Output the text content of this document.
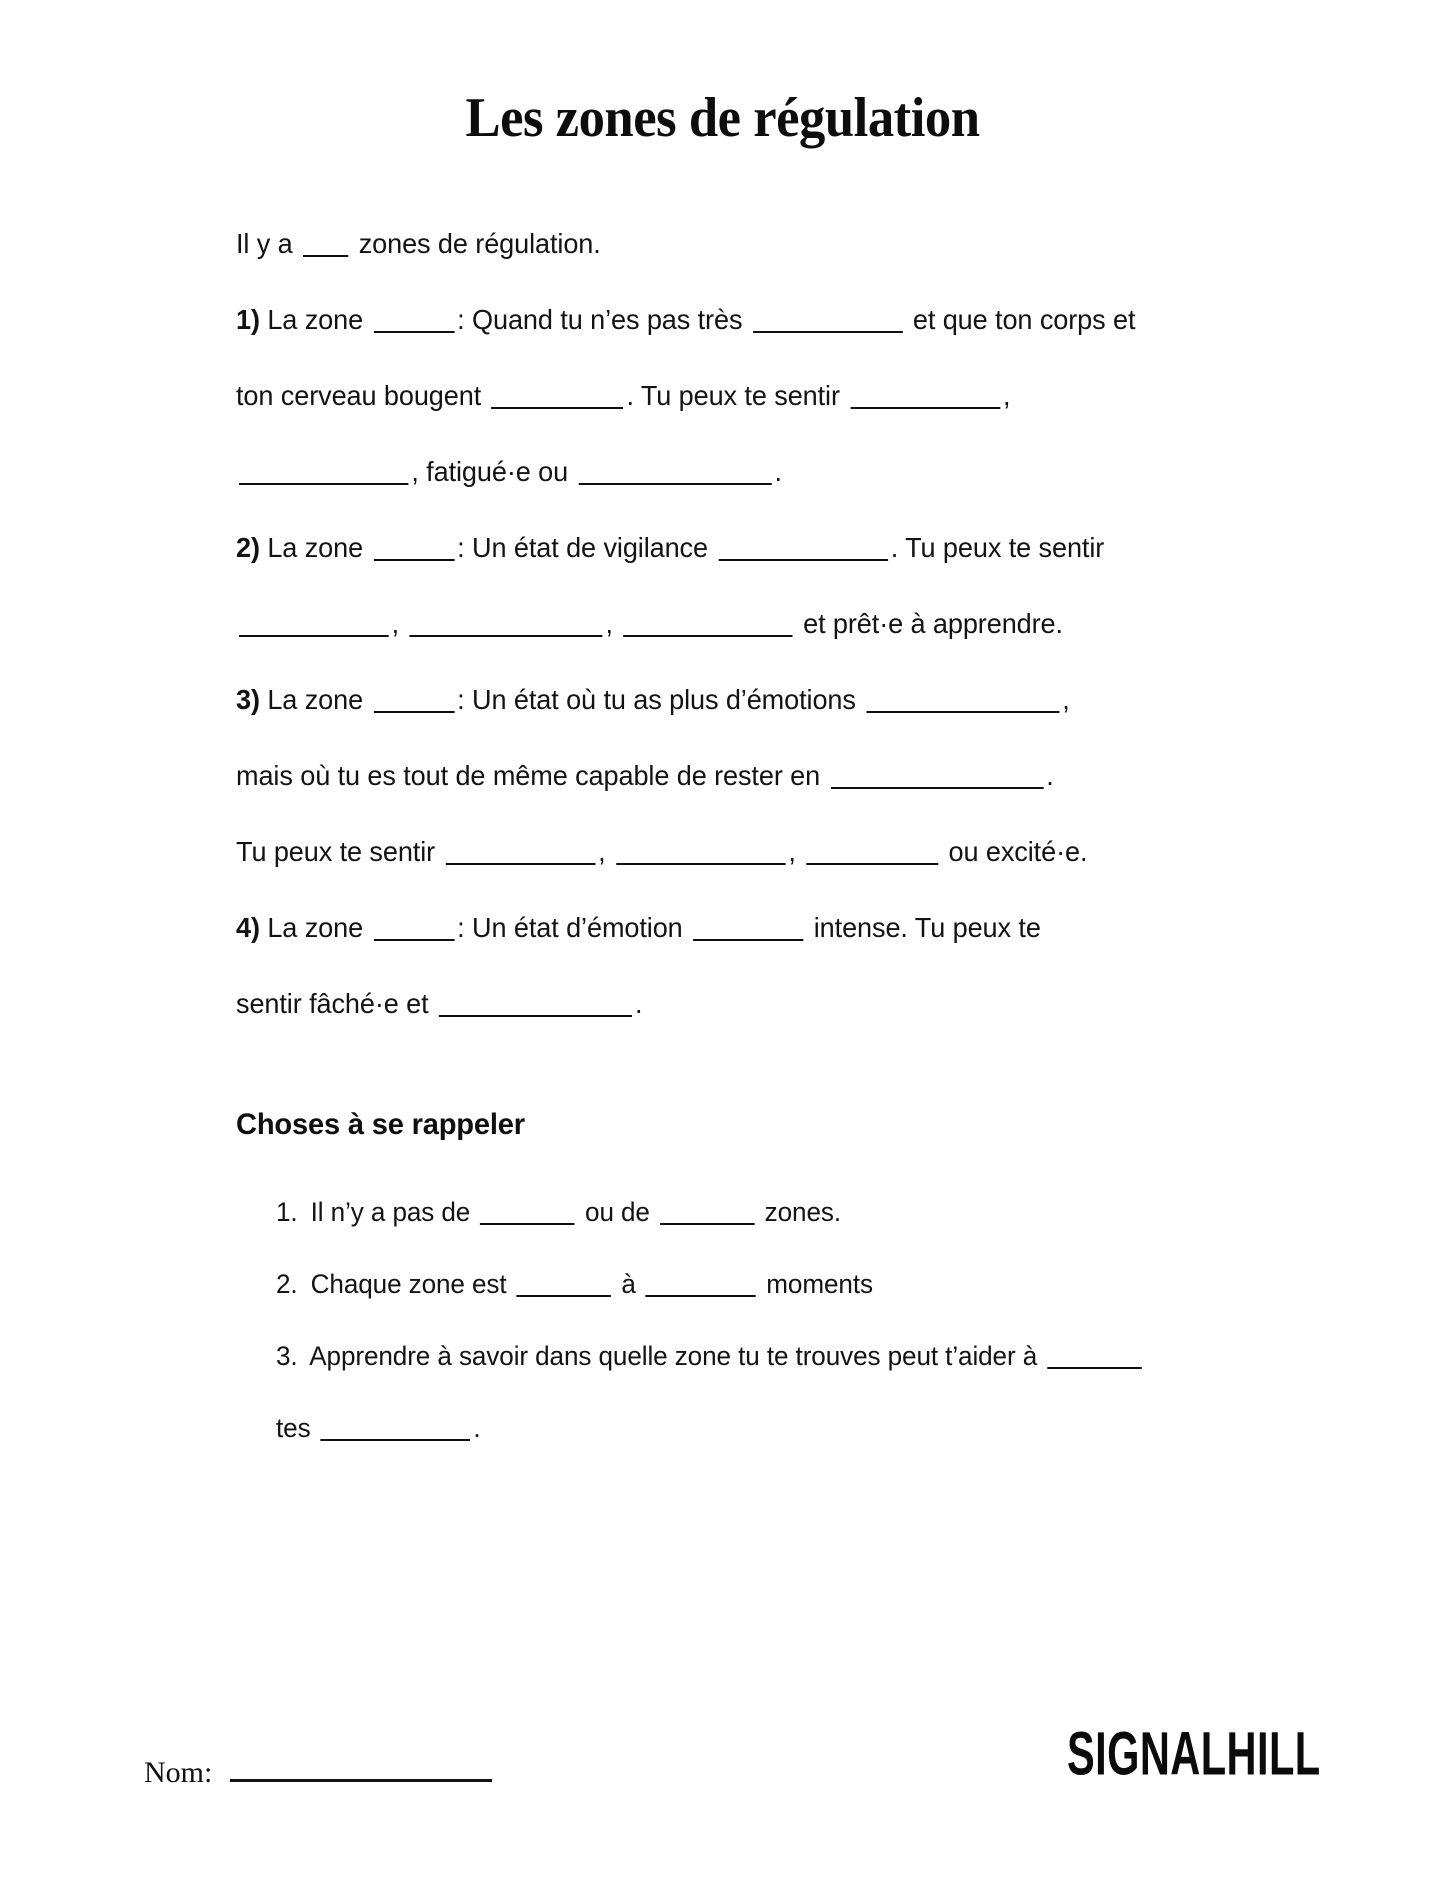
Les zones de régulation
Il y a zones de régulation.
1) La zone	: Quand tu n’es pas très	et que ton corps et
ton cerveau bougent	. Tu peux te sentir	,
, fatigué·e ou	.
2) La zone	: Un état de vigilance	. Tu peux te sentir
,	,	et prêt·e à apprendre.
3) La zone	: Un état où tu as plus d’émotions	,
mais où tu es tout de même capable de rester en	.
Tu peux te sentir	,	,	ou excité·e.
4) La zone	: Un état d’émotion	intense. Tu peux te
sentir fâché·e et	.
Choses à se rappeler
1. Il n’y a pas de	ou de	zones.
2. Chaque zone est	à	moments
3. Apprendre à savoir dans quelle zone tu te trouves peut t’aider à
tes	.
Nom:	SIGNAL HILL
